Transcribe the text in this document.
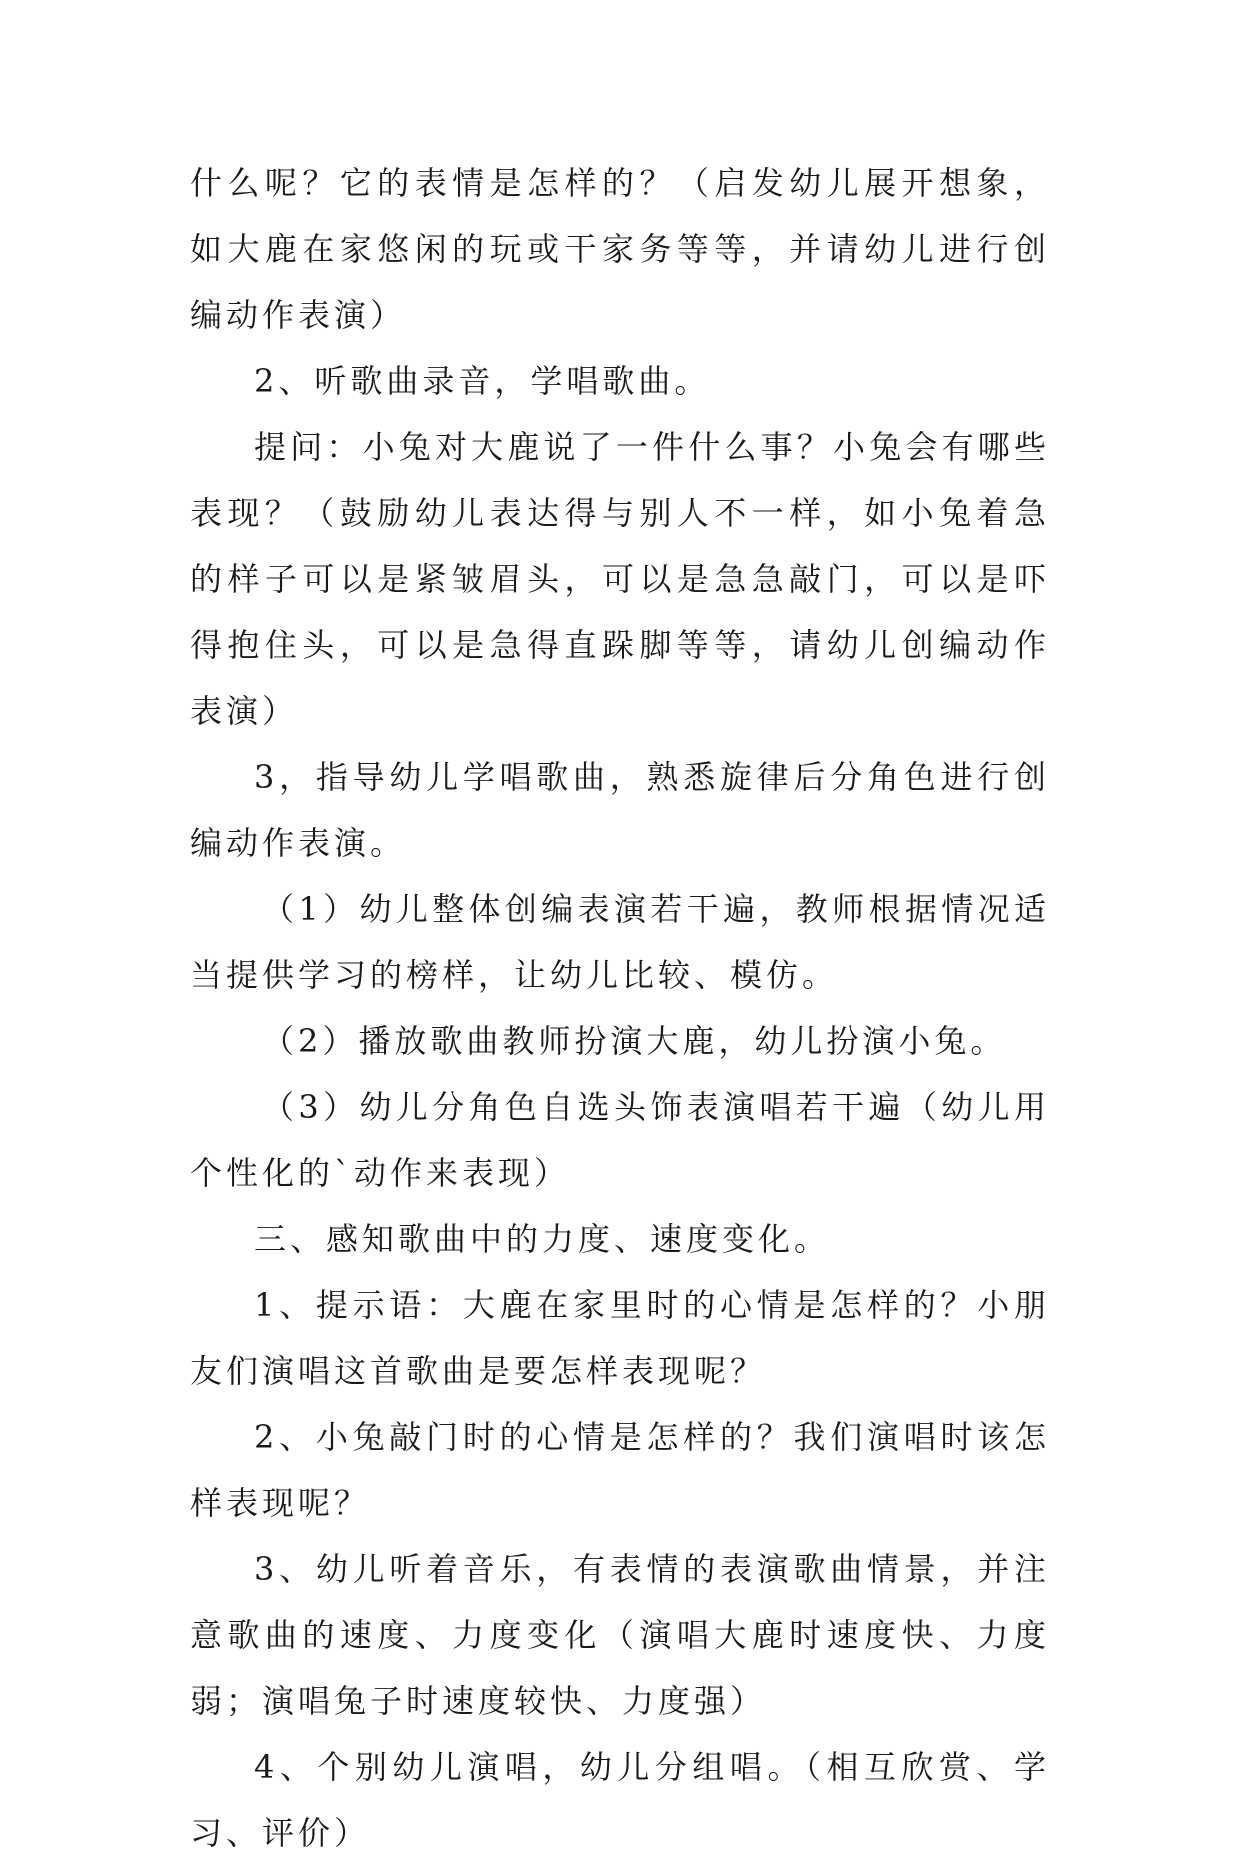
什么呢？它的表情是怎样的？（启发幼儿展开想象，如大鹿在家悠闲的玩或干家务等等，并请幼儿进行创编动作表演）

2、听歌曲录音，学唱歌曲。

提问：小兔对大鹿说了一件什么事？小兔会有哪些表现？（鼓励幼儿表达得与别人不一样，如小兔着急的样子可以是紧皱眉头，可以是急急敲门，可以是吓得抱住头，可以是急得直跺脚等等，请幼儿创编动作表演）

3，指导幼儿学唱歌曲，熟悉旋律后分角色进行创编动作表演。

（1）幼儿整体创编表演若干遍，教师根据情况适当提供学习的榜样，让幼儿比较、模仿。

（2）播放歌曲教师扮演大鹿，幼儿扮演小兔。

（3）幼儿分角色自选头饰表演唱若干遍（幼儿用个性化的`动作来表现）

三、感知歌曲中的力度、速度变化。

1、提示语：大鹿在家里时的心情是怎样的？小朋友们演唱这首歌曲是要怎样表现呢？

2、小兔敲门时的心情是怎样的？我们演唱时该怎样表现呢？

3、幼儿听着音乐，有表情的表演歌曲情景，并注意歌曲的速度、力度变化（演唱大鹿时速度快、力度弱；演唱兔子时速度较快、力度强）

4、个别幼儿演唱，幼儿分组唱。（相互欣赏、学习、评价）
